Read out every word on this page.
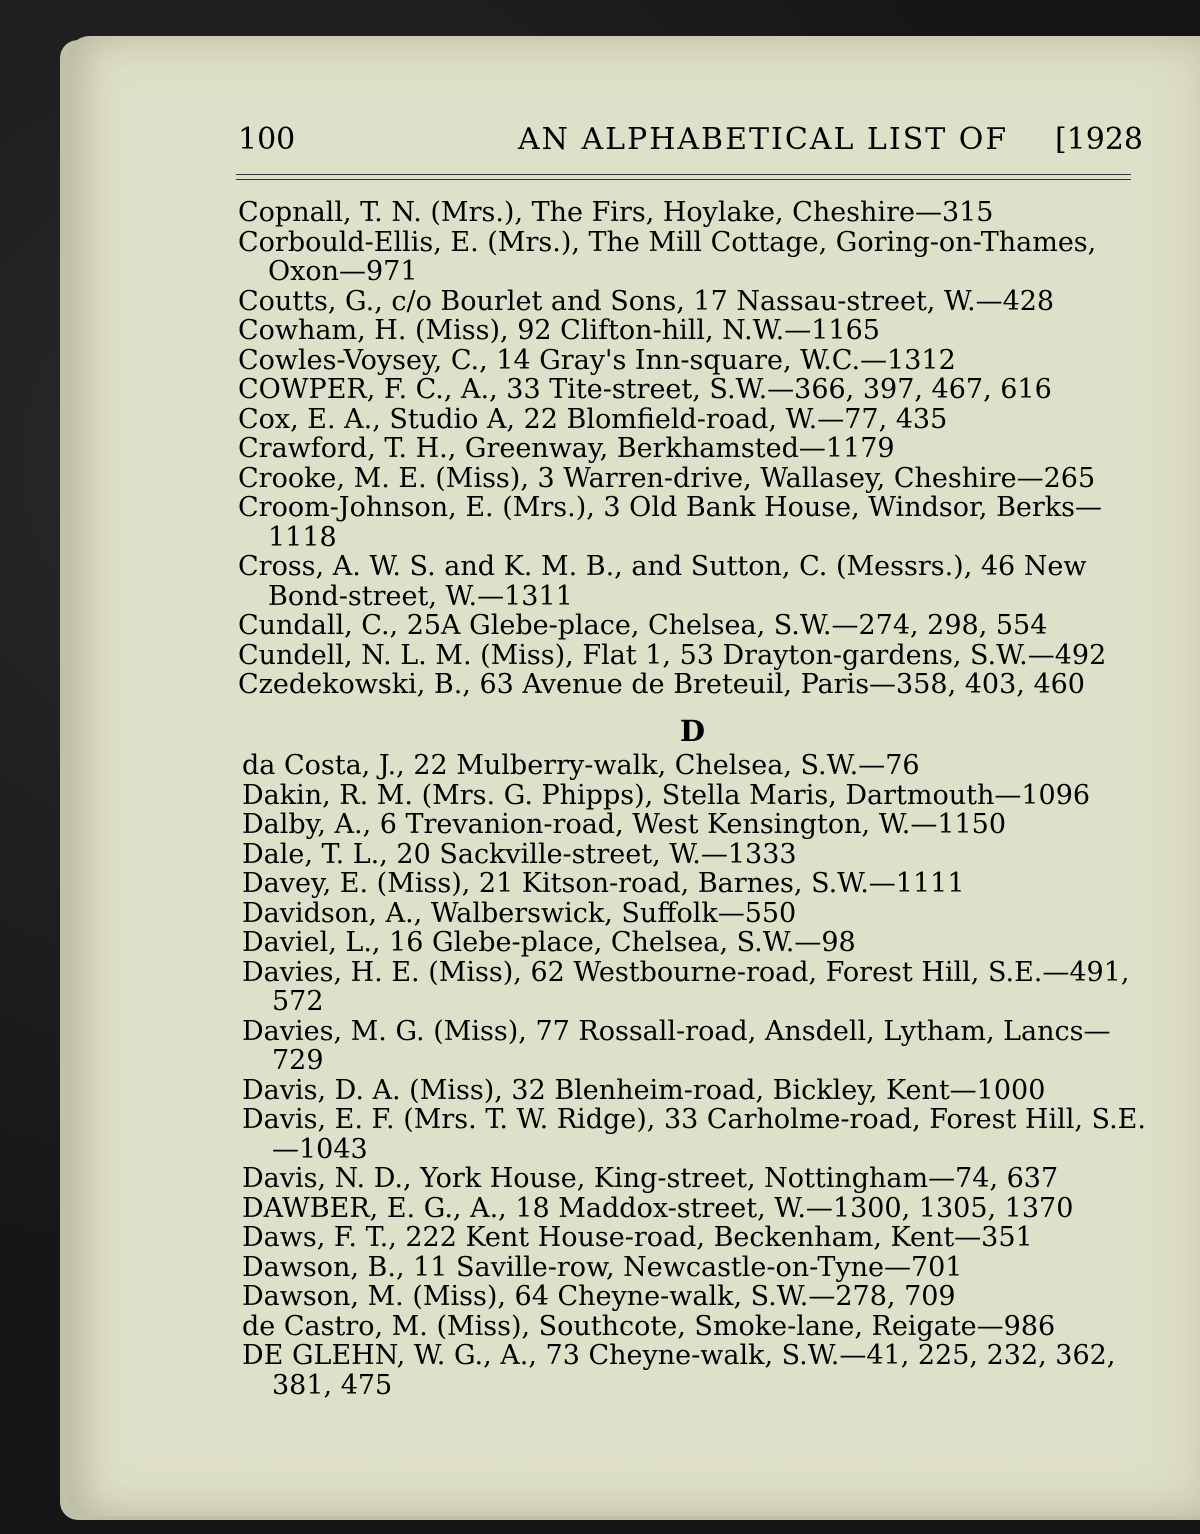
100	AN ALPHABETICAL LIST OF [1928
Copnall, T. N. (Mrs.), The Firs, Hoylake, Cheshire—315
Corbould-Ellis, E. (Mrs.), The Mill Cottage, Goring-on-Thames, Oxon—971
Coutts, G., c/o Bourlet and Sons, 17 Nassau-street, W.—428
Cowham, H. (Miss), 92 Clifton-hill, N.W.—1165
Cowles-Voysey, C., 14 Gray's Inn-square, W.C.—1312
COWPER, F. C., A., 33 Tite-street, S.W.—366, 397, 467, 616
Cox, E. A., Studio A, 22 Blomfield-road, W.—77, 435
Crawford, T. H., Greenway, Berkhamsted—1179
Crooke, M. E. (Miss), 3 Warren-drive, Wallasey, Cheshire—265
Croom-Johnson, E. (Mrs.), 3 Old Bank House, Windsor, Berks—1118
Cross, A. W. S. and K. M. B., and Sutton, C. (Messrs.), 46 New Bond-street, W.—1311
Cundall, C., 25A Glebe-place, Chelsea, S.W.—274, 298, 554
Cundell, N. L. M. (Miss), Flat 1, 53 Drayton-gardens, S.W.—492
Czedekowski, B., 63 Avenue de Breteuil, Paris—358, 403, 460
D
da Costa, J., 22 Mulberry-walk, Chelsea, S.W.—76
Dakin, R. M. (Mrs. G. Phipps), Stella Maris, Dartmouth—1096
Dalby, A., 6 Trevanion-road, West Kensington, W.—1150
Dale, T. L., 20 Sackville-street, W.—1333
Davey, E. (Miss), 21 Kitson-road, Barnes, S.W.—1111
Davidson, A., Walberswick, Suffolk—550
Daviel, L., 16 Glebe-place, Chelsea, S.W.—98
Davies, H. E. (Miss), 62 Westbourne-road, Forest Hill, S.E.—491, 572
Davies, M. G. (Miss), 77 Rossall-road, Ansdell, Lytham, Lancs—729
Davis, D. A. (Miss), 32 Blenheim-road, Bickley, Kent—1000
Davis, E. F. (Mrs. T. W. Ridge), 33 Carholme-road, Forest Hill, S.E.—1043
Davis, N. D., York House, King-street, Nottingham—74, 637
DAWBER, E. G., A., 18 Maddox-street, W.—1300, 1305, 1370
Daws, F. T., 222 Kent House-road, Beckenham, Kent—351
Dawson, B., 11 Saville-row, Newcastle-on-Tyne—701
Dawson, M. (Miss), 64 Cheyne-walk, S.W.—278, 709
de Castro, M. (Miss), Southcote, Smoke-lane, Reigate—986
DE GLEHN, W. G., A., 73 Cheyne-walk, S.W.—41, 225, 232, 362, 381, 475
